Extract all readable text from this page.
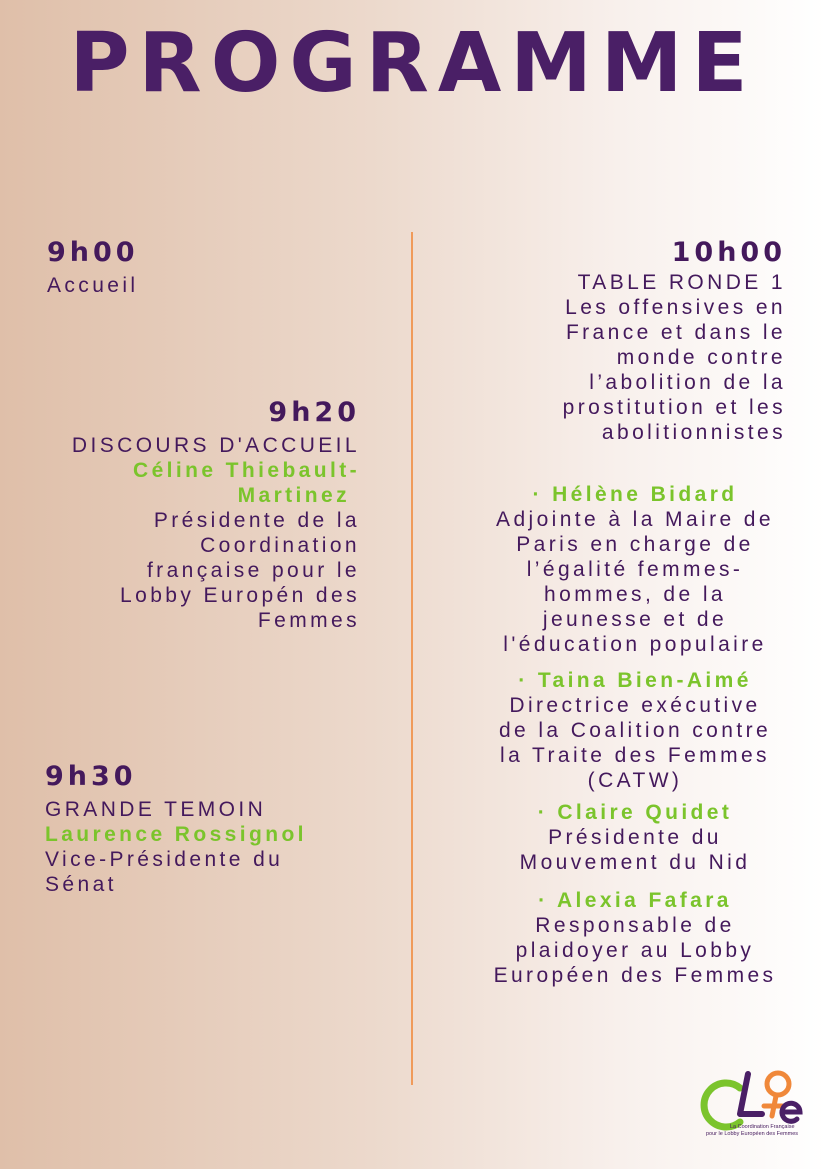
PROGRAMME
9h00
Accueil
9h20
DISCOURS D'ACCUEIL
Céline Thiebault-
Martinez
Présidente de la
Coordination
française pour le
Lobby Europén des
Femmes
9h30
GRANDE TEMOIN
Laurence Rossignol
Vice-Présidente du
Sénat
10h00
TABLE RONDE 1
Les offensives en
France et dans le
monde contre
l’abolition de la
prostitution et les
abolitionnistes
· Hélène Bidard
Adjointe à la Maire de
Paris en charge de
l’égalité femmes-
hommes, de la
jeunesse et de
l'éducation populaire
· Taina Bien-Aimé
Directrice exécutive
de la Coalition contre
la Traite des Femmes
(CATW)
· Claire Quidet
Présidente du
Mouvement du Nid
· Alexia Fafara
Responsable de
plaidoyer au Lobby
Européen des Femmes
La Coordination Française
pour le Lobby Européen des Femmes
